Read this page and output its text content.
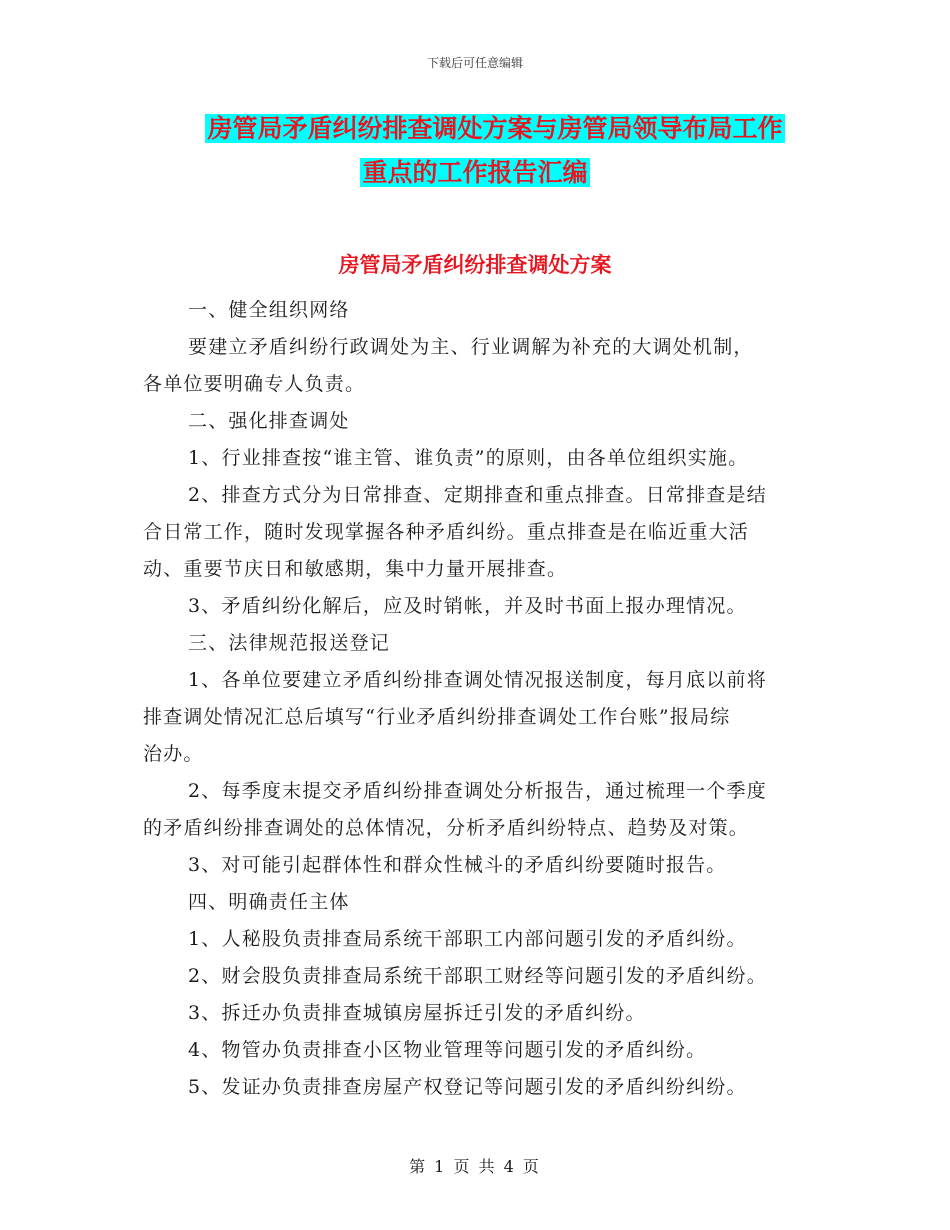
下载后可任意编辑
房管局矛盾纠纷排查调处方案与房管局领导布局工作
重点的工作报告汇编
房管局矛盾纠纷排查调处方案
一、健全组织网络
要建立矛盾纠纷行政调处为主、行业调解为补充的大调处机制，
各单位要明确专人负责。
二、强化排查调处
1、行业排查按“谁主管、谁负责”的原则，由各单位组织实施。
2、排查方式分为日常排查、定期排查和重点排查。日常排查是结
合日常工作，随时发现掌握各种矛盾纠纷。重点排查是在临近重大活
动、重要节庆日和敏感期，集中力量开展排查。
3、矛盾纠纷化解后，应及时销帐，并及时书面上报办理情况。
三、法律规范报送登记
1、各单位要建立矛盾纠纷排查调处情况报送制度，每月底以前将
排查调处情况汇总后填写“行业矛盾纠纷排查调处工作台账”报局综
治办。
2、每季度末提交矛盾纠纷排查调处分析报告，通过梳理一个季度
的矛盾纠纷排查调处的总体情况，分析矛盾纠纷特点、趋势及对策。
3、对可能引起群体性和群众性械斗的矛盾纠纷要随时报告。
四、明确责任主体
1、人秘股负责排查局系统干部职工内部问题引发的矛盾纠纷。
2、财会股负责排查局系统干部职工财经等问题引发的矛盾纠纷。
3、拆迁办负责排查城镇房屋拆迁引发的矛盾纠纷。
4、物管办负责排查小区物业管理等问题引发的矛盾纠纷。
5、发证办负责排查房屋产权登记等问题引发的矛盾纠纷纠纷。
第 1 页 共 4 页
